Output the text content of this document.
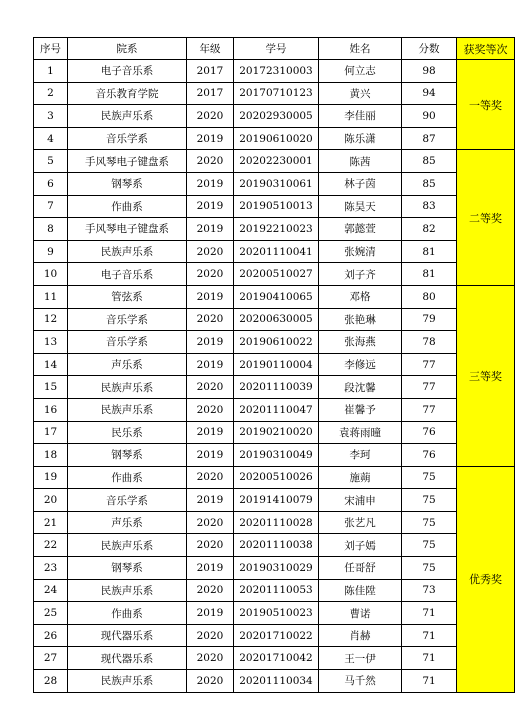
序号	院系	年级	学号	姓名	分数	获奖等次
1	电子音乐系	2017	20172310003	何立志	98	一等奖
2	音乐教育学院	2017	20170710123	黄兴	94	
3	民族声乐系	2020	20202930005	李佳丽	90	
4	音乐学系	2019	20190610020	陈乐潇	87	
5	手风琴电子键盘系	2020	20202230001	陈茜	85	二等奖
6	钢琴系	2019	20190310061	林子茵	85	
7	作曲系	2019	20190510013	陈昊天	83	
8	手风琴电子键盘系	2019	20192210023	郭懿萱	82	
9	民族声乐系	2020	20201110041	张婉清	81	
10	电子音乐系	2020	20200510027	刘子齐	81	
11	管弦系	2019	20190410065	邓格	80	三等奖
12	音乐学系	2020	20200630005	张艳琳	79	
13	音乐学系	2019	20190610022	张海燕	78	
14	声乐系	2019	20190110004	李修远	77	
15	民族声乐系	2020	20201110039	段沈馨	77	
16	民族声乐系	2020	20201110047	崔馨予	77	
17	民乐系	2019	20190210020	袁蒋雨曈	76	
18	钢琴系	2019	20190310049	李珂	76	
19	作曲系	2020	20200510026	施蒴	75	优秀奖
20	音乐学系	2019	20191410079	宋浦申	75	
21	声乐系	2020	20201110028	张艺凡	75	
22	民族声乐系	2020	20201110038	刘子嫣	75	
23	钢琴系	2019	20190310029	任哥舒	75	
24	民族声乐系	2020	20201110053	陈佳陞	73	
25	作曲系	2019	20190510023	曹诺	71	
26	现代器乐系	2020	20201710022	肖赫	71	
27	现代器乐系	2020	20201710042	王一伊	71	
28	民族声乐系	2020	20201110034	马千然	71	
